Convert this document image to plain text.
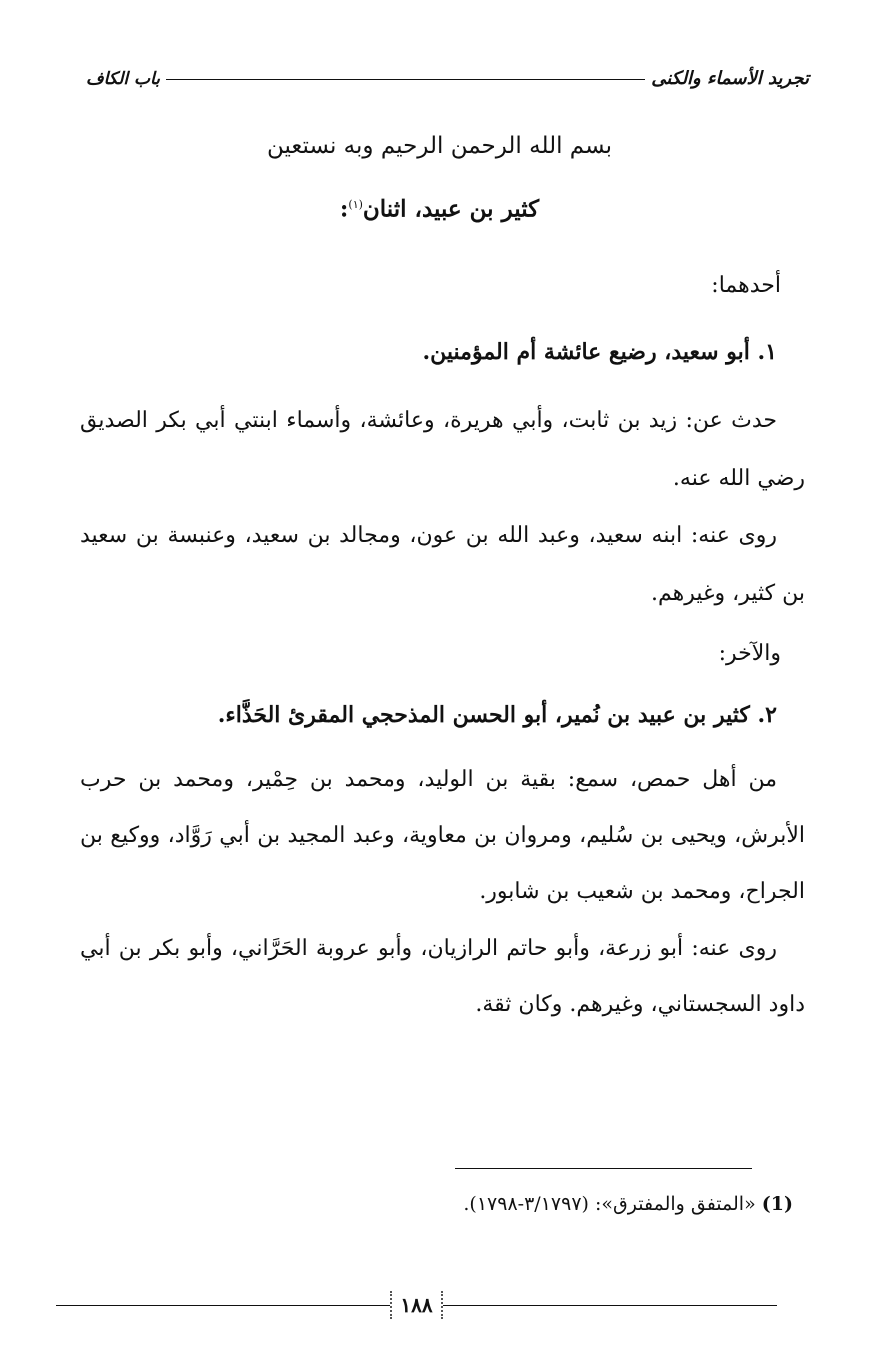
تجريد الأسماء والكنى
باب الكاف
بسم الله الرحمن الرحيم وبه نستعين
كثير بن عبيد، اثنان$^{(١)}$:
أحدهما:
١. أبو سعيد، رضيع عائشة أم المؤمنين.
حدث عن: زيد بن ثابت، وأبي هريرة، وعائشة، وأسماء ابنتي أبي بكر الصديق رضي الله عنه.
روى عنه: ابنه سعيد، وعبد الله بن عون، ومجالد بن سعيد، وعنبسة بن سعيد بن كثير، وغيرهم.
والآخر:
٢. كثير بن عبيد بن نُمير، أبو الحسن المذحجي المقرئ الحَذَّاء.
من أهل حمص، سمع: بقية بن الوليد، ومحمد بن حِمْير، ومحمد بن حرب الأبرش، ويحيى بن سُليم، ومروان بن معاوية، وعبد المجيد بن أبي رَوَّاد، ووكيع بن الجراح، ومحمد بن شعيب بن شابور.
روى عنه: أبو زرعة، وأبو حاتم الرازيان، وأبو عروبة الحَرَّاني، وأبو بكر بن أبي داود السجستاني، وغيرهم. وكان ثقة.
(1) «المتفق والمفترق»: (٣/١٧٩٧-١٧٩٨).
١٨٨
